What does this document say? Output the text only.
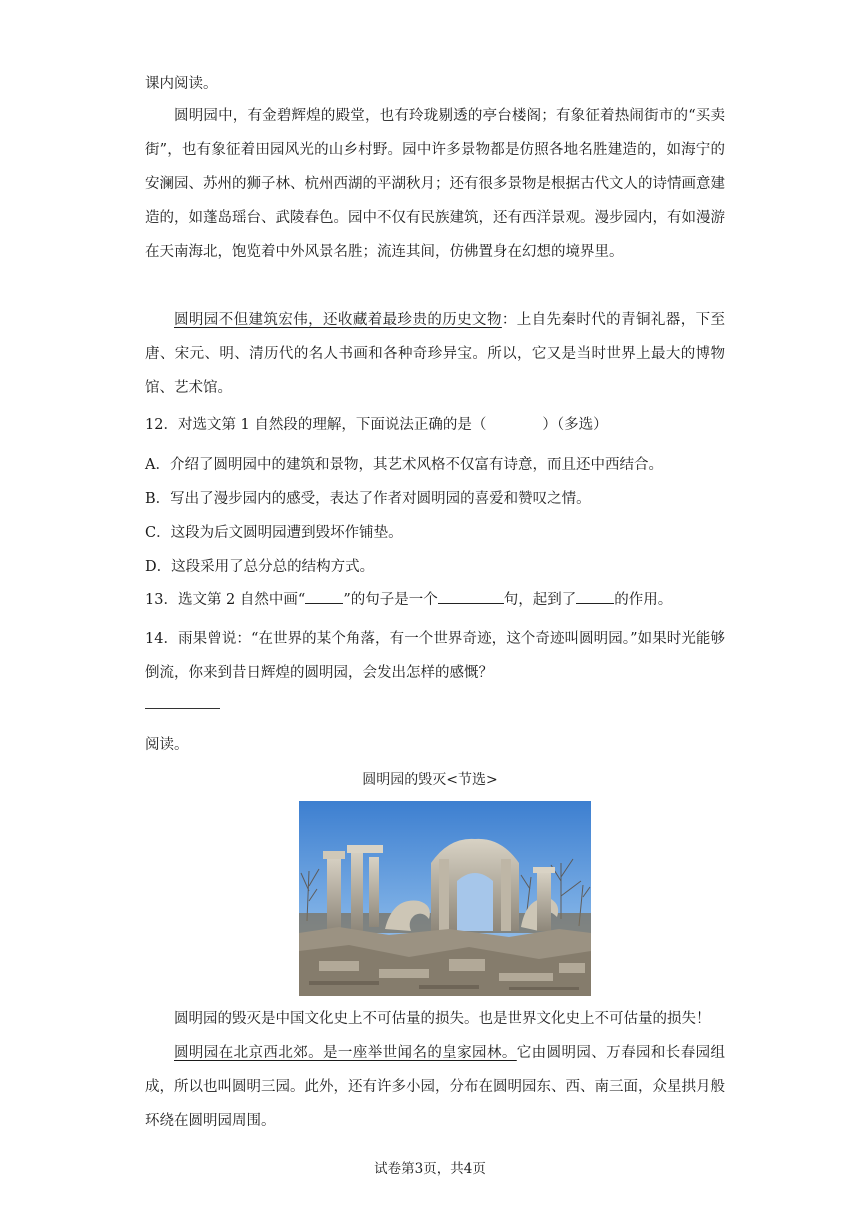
课内阅读。

圆明园中，有金碧辉煌的殿堂，也有玲珑剔透的亭台楼阁；有象征着热闹街市的“买卖街”，也有象征着田园风光的山乡村野。园中许多景物都是仿照各地名胜建造的，如海宁的安澜园、苏州的狮子林、杭州西湖的平湖秋月；还有很多景物是根据古代文人的诗情画意建造的，如蓬岛瑶台、武陵春色。园中不仅有民族建筑，还有西洋景观。漫步园内，有如漫游在天南海北，饱览着中外风景名胜；流连其间，仿佛置身在幻想的境界里。

圆明园不但建筑宏伟，还收藏着最珍贵的历史文物：上自先秦时代的青铜礼器，下至唐、宋元、明、清历代的名人书画和各种奇珍异宝。所以，它又是当时世界上最大的博物馆、艺术馆。

12．对选文第 1 自然段的理解，下面说法正确的是（	）（多选）

A．介绍了圆明园中的建筑和景物，其艺术风格不仅富有诗意，而且还中西结合。

B．写出了漫步园内的感受，表达了作者对圆明园的喜爱和赞叹之情。

C．这段为后文圆明园遭到毁坏作铺垫。

D．这段采用了总分总的结构方式。

13．选文第 2 自然中画“	”的句子是一个	句，起到了	的作用。

14．雨果曾说：“在世界的某个角落，有一个世界奇迹，这个奇迹叫圆明园。”如果时光能够倒流，你来到昔日辉煌的圆明园，会发出怎样的感慨？

阅读。

圆明园的毁灭<节选>

圆明园的毁灭是中国文化史上不可估量的损失。也是世界文化史上不可估量的损失！

圆明园在北京西北郊。是一座举世闻名的皇家园林。它由圆明园、万春园和长春园组成，所以也叫圆明三园。此外，还有许多小园，分布在圆明园东、西、南三面，众星拱月般环绕在圆明园周围。

试卷第3页，共4页
